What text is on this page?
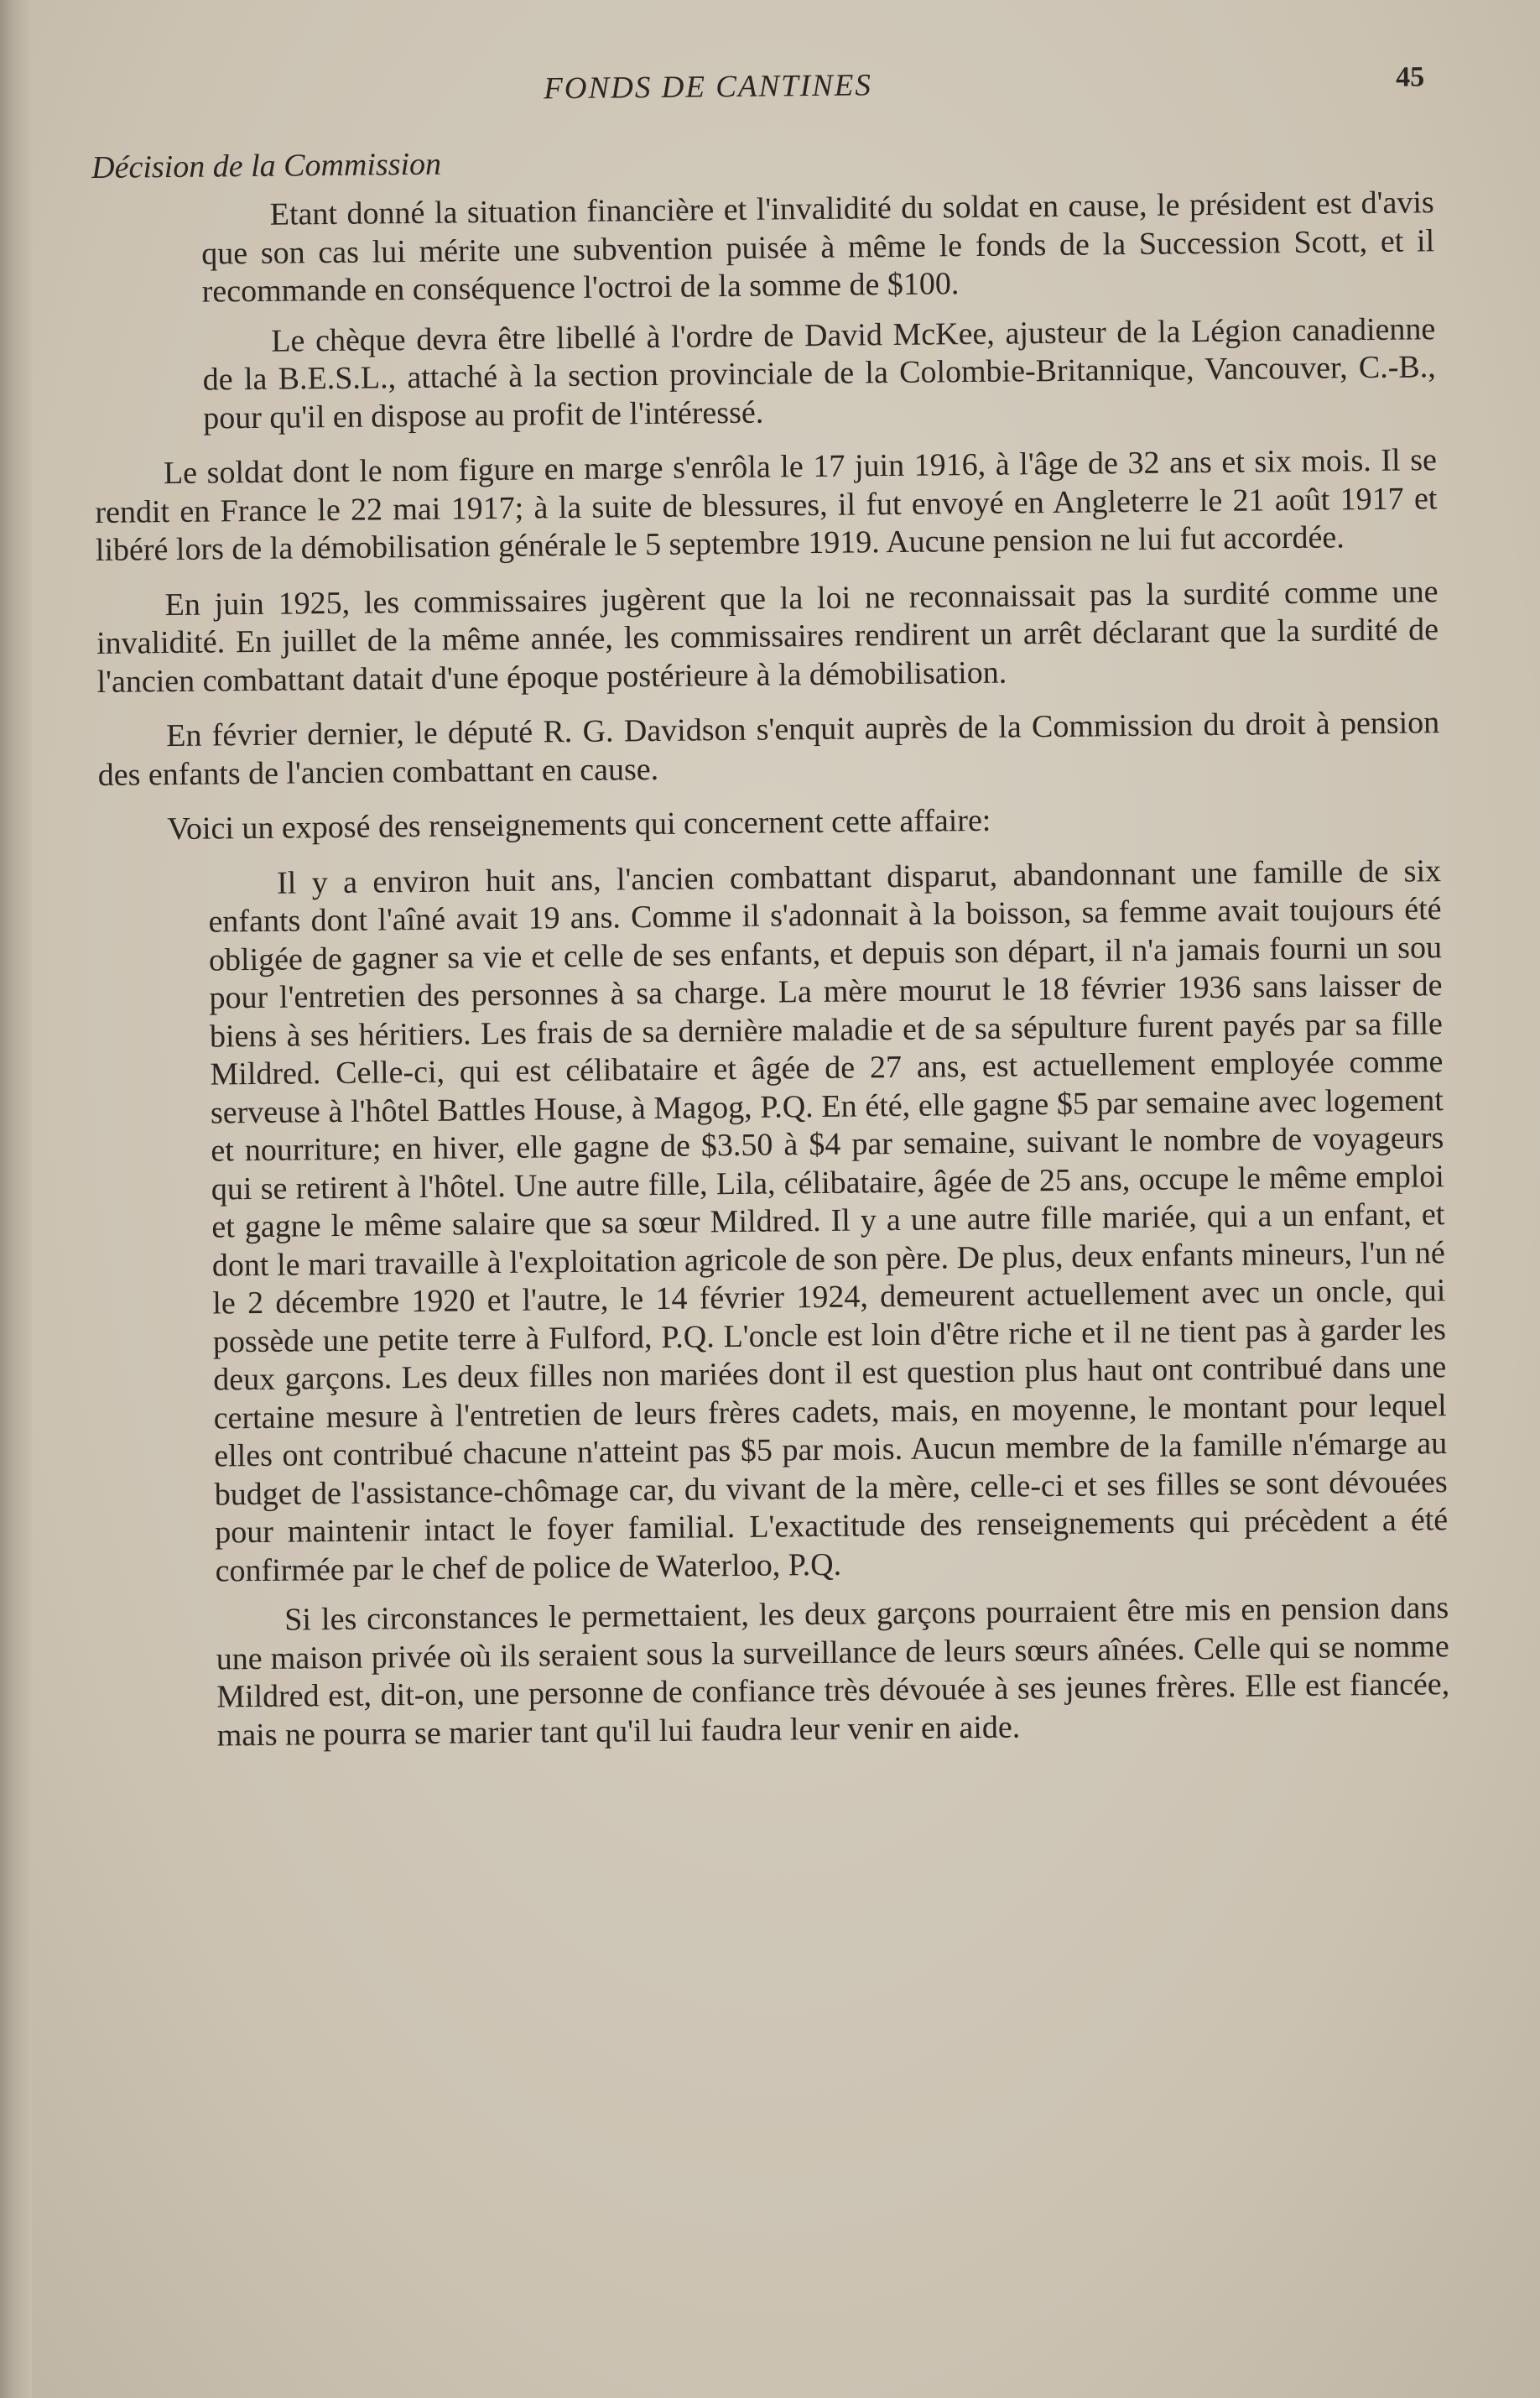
FONDS DE CANTINES	45
Décision de la Commission

Etant donné la situation financière et l'invalidité du soldat en cause, le président est d'avis que son cas lui mérite une subvention puisée à même le fonds de la Succession Scott, et il recommande en conséquence l'octroi de la somme de $100.

Le chèque devra être libellé à l'ordre de David McKee, ajusteur de la Légion canadienne de la B.E.S.L., attaché à la section provinciale de la Colombie-Britannique, Vancouver, C.-B., pour qu'il en dispose au profit de l'intéressé.

Le soldat dont le nom figure en marge s'enrôla le 17 juin 1916, à l'âge de 32 ans et six mois. Il se rendit en France le 22 mai 1917; à la suite de blessures, il fut envoyé en Angleterre le 21 août 1917 et libéré lors de la démobilisation générale le 5 septembre 1919. Aucune pension ne lui fut accordée.

En juin 1925, les commissaires jugèrent que la loi ne reconnaissait pas la surdité comme une invalidité. En juillet de la même année, les commissaires rendirent un arrêt déclarant que la surdité de l'ancien combattant datait d'une époque postérieure à la démobilisation.

En février dernier, le député R. G. Davidson s'enquit auprès de la Commission du droit à pension des enfants de l'ancien combattant en cause.

Voici un exposé des renseignements qui concernent cette affaire:

Il y a environ huit ans, l'ancien combattant disparut, abandonnant une famille de six enfants dont l'aîné avait 19 ans. Comme il s'adonnait à la boisson, sa femme avait toujours été obligée de gagner sa vie et celle de ses enfants, et depuis son départ, il n'a jamais fourni un sou pour l'entretien des personnes à sa charge. La mère mourut le 18 février 1936 sans laisser de biens à ses héritiers. Les frais de sa dernière maladie et de sa sépulture furent payés par sa fille Mildred. Celle-ci, qui est célibataire et âgée de 27 ans, est actuellement employée comme serveuse à l'hôtel Battles House, à Magog, P.Q. En été, elle gagne $5 par semaine avec logement et nourriture; en hiver, elle gagne de $3.50 à $4 par semaine, suivant le nombre de voyageurs qui se retirent à l'hôtel. Une autre fille, Lila, célibataire, âgée de 25 ans, occupe le même emploi et gagne le même salaire que sa sœur Mildred. Il y a une autre fille mariée, qui a un enfant, et dont le mari travaille à l'exploitation agricole de son père. De plus, deux enfants mineurs, l'un né le 2 décembre 1920 et l'autre, le 14 février 1924, demeurent actuellement avec un oncle, qui possède une petite terre à Fulford, P.Q. L'oncle est loin d'être riche et il ne tient pas à garder les deux garçons. Les deux filles non mariées dont il est question plus haut ont contribué dans une certaine mesure à l'entretien de leurs frères cadets, mais, en moyenne, le montant pour lequel elles ont contribué chacune n'atteint pas $5 par mois. Aucun membre de la famille n'émarge au budget de l'assistance-chômage car, du vivant de la mère, celle-ci et ses filles se sont dévouées pour maintenir intact le foyer familial. L'exactitude des renseignements qui précèdent a été confirmée par le chef de police de Waterloo, P.Q.

Si les circonstances le permettaient, les deux garçons pourraient être mis en pension dans une maison privée où ils seraient sous la surveillance de leurs sœurs aînées. Celle qui se nomme Mildred est, dit-on, une personne de confiance très dévouée à ses jeunes frères. Elle est fiancée, mais ne pourra se marier tant qu'il lui faudra leur venir en aide.
